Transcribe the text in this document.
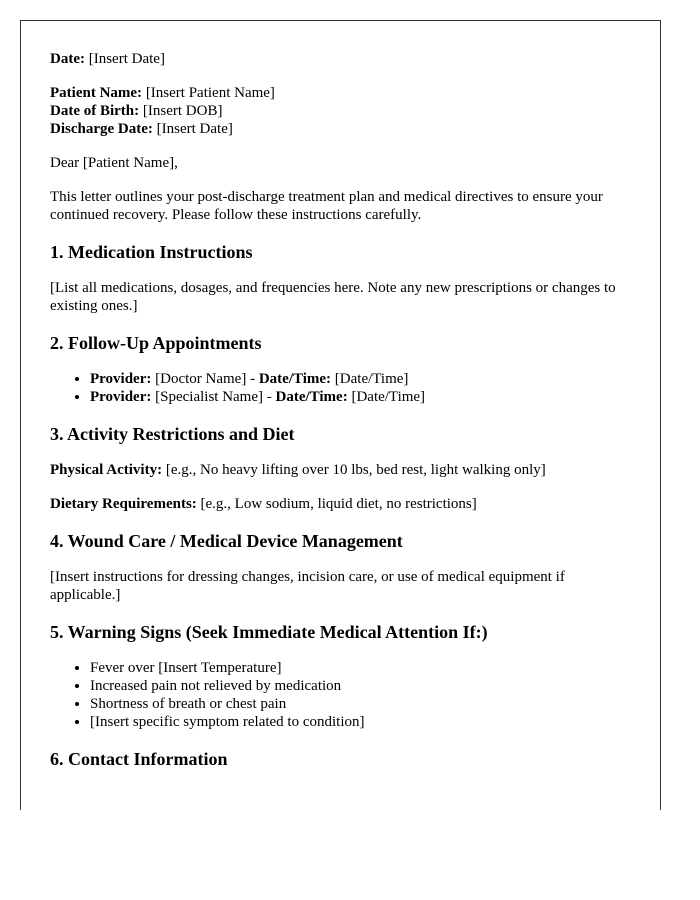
Date: [Insert Date]

Patient Name: [Insert Patient Name]

Date of Birth: [Insert DOB]

Discharge Date: [Insert Date]

Dear [Patient Name],

This letter outlines your post-discharge treatment plan and medical directives to ensure your continued recovery. Please follow these instructions carefully.

1. Medication Instructions

[List all medications, dosages, and frequencies here. Note any new prescriptions or changes to existing ones.]

2. Follow-Up Appointments
• Provider: [Doctor Name] - Date/Time: [Date/Time]
• Provider: [Specialist Name] - Date/Time: [Date/Time]
3. Activity Restrictions and Diet

Physical Activity: [e.g., No heavy lifting over 10 lbs, bed rest, light walking only]

Dietary Requirements: [e.g., Low sodium, liquid diet, no restrictions]

4. Wound Care / Medical Device Management

[Insert instructions for dressing changes, incision care, or use of medical equipment if applicable.]

5. Warning Signs (Seek Immediate Medical Attention If:)
• Fever over [Insert Temperature]
• Increased pain not relieved by medication
• Shortness of breath or chest pain
• [Insert specific symptom related to condition]
6. Contact Information
